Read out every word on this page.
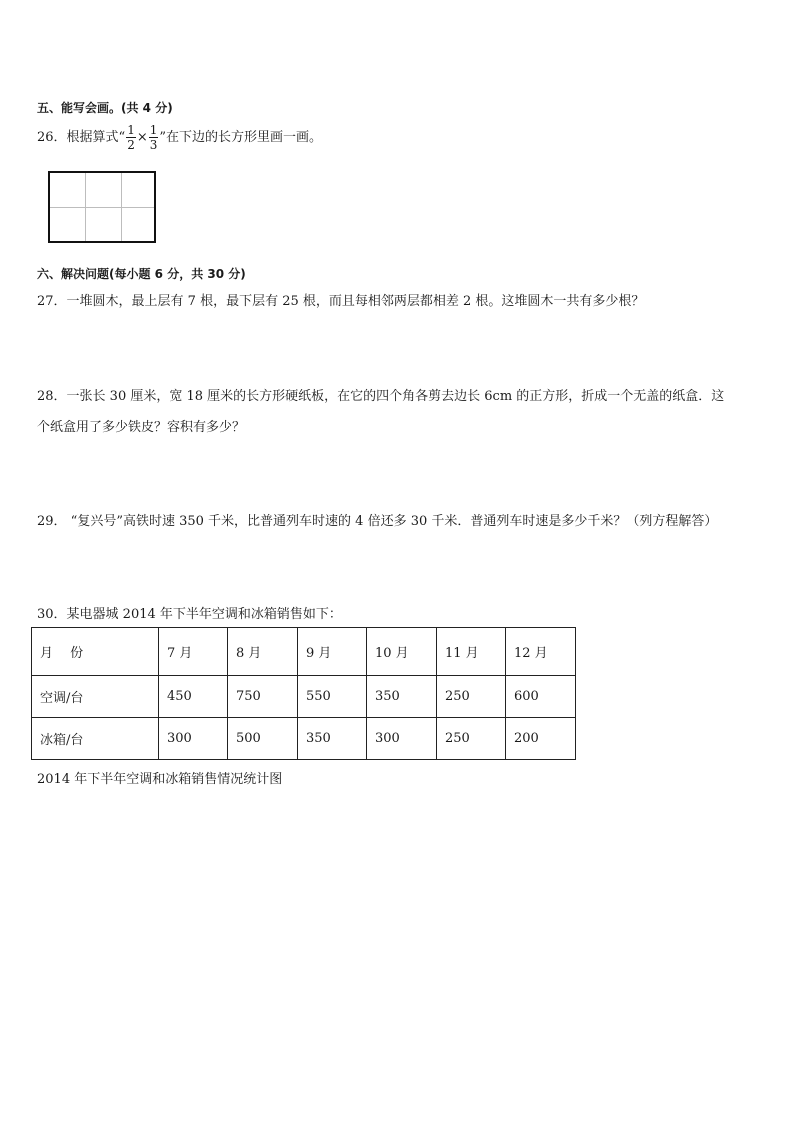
五、能写会画。(共 4 分)
26．根据算式“ $\frac{1}{2} \times \frac{1}{3}$ ”在下边的长方形里画一画。
六、解决问题(每小题 6 分，共 30 分)
27．一堆圆木，最上层有 7 根，最下层有 25 根，而且每相邻两层都相差 2 根。这堆圆木一共有多少根？
28．一张长 30 厘米，宽 18 厘米的长方形硬纸板，在它的四个角各剪去边长 6cm 的正方形，折成一个无盖的纸盒．这
个纸盒用了多少铁皮？容积有多少？
29． “复兴号”高铁时速 350 千米，比普通列车时速的 4 倍还多 30 千米．普通列车时速是多少千米？（列方程解答）
30．某电器城 2014 年下半年空调和冰箱销售如下：
月　 份	7 月	8 月	9 月	10 月	11 月	12 月
空调/台	450	750	550	350	250	600
冰箱/台	300	500	350	300	250	200
2014 年下半年空调和冰箱销售情况统计图
